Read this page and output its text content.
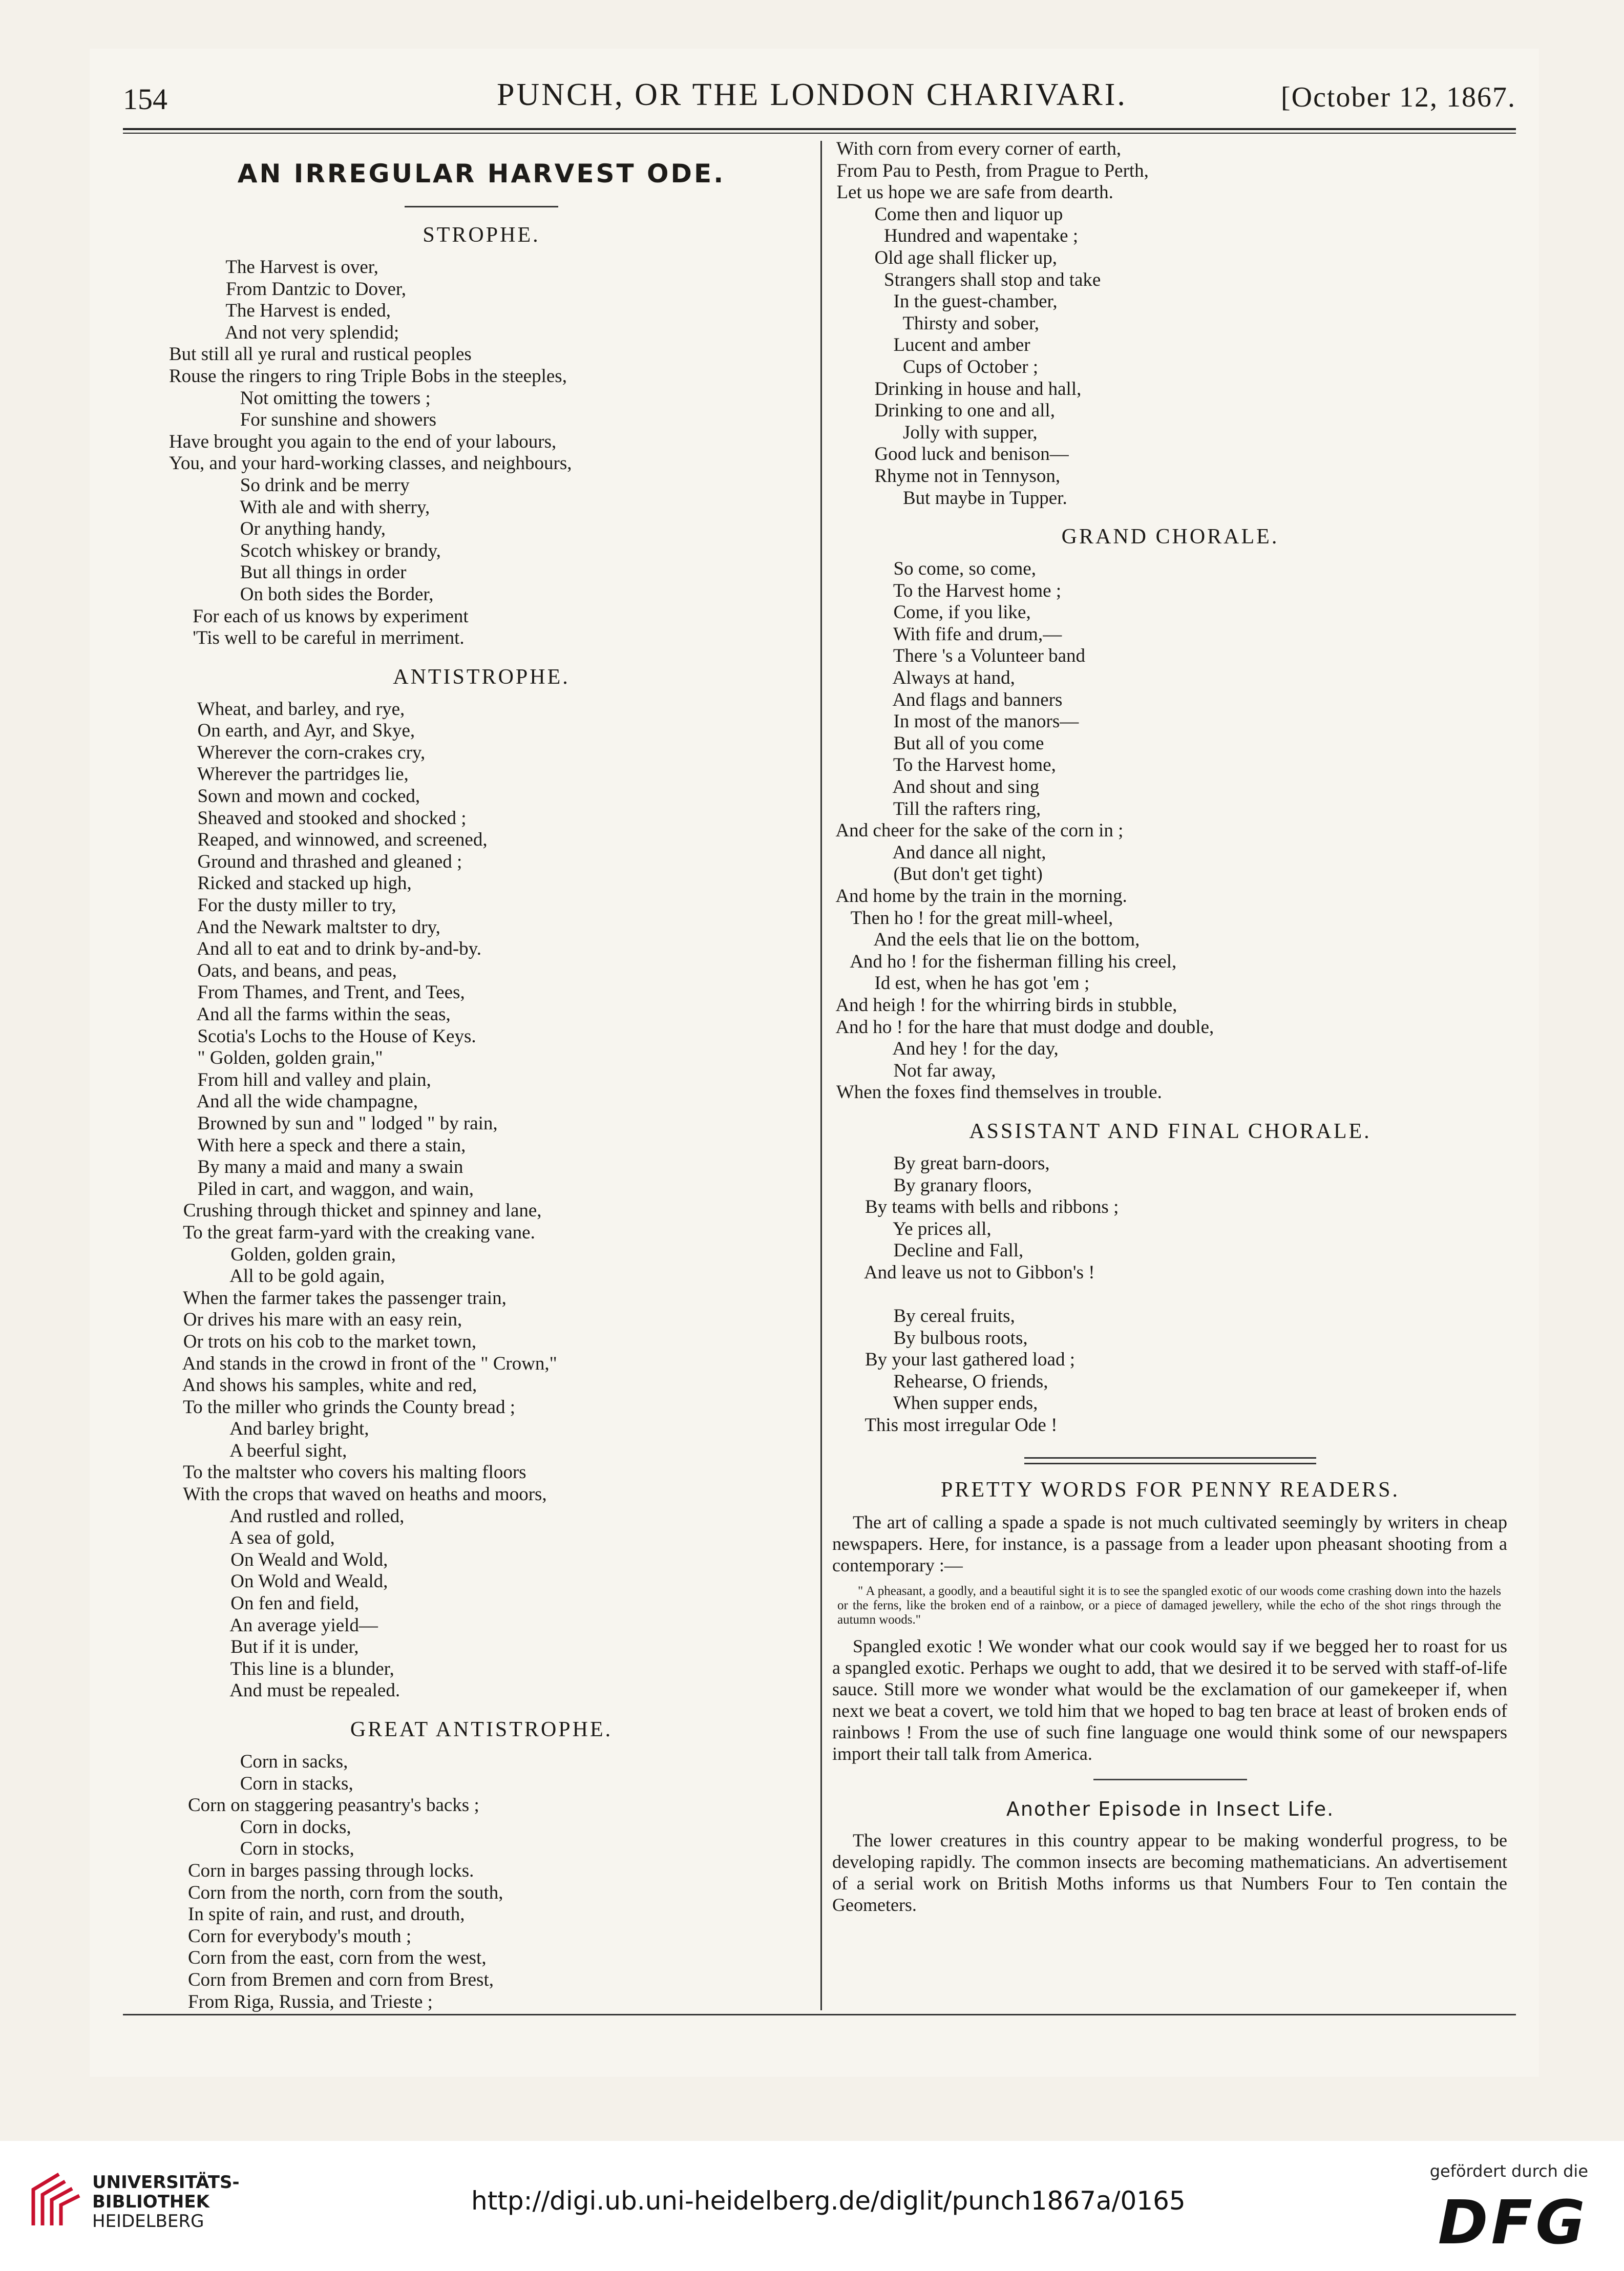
154	PUNCH, OR THE LONDON CHARIVARI.	[October 12, 1867.
AN IRREGULAR HARVEST ODE.
STROPHE.
The Harvest is over,
From Dantzic to Dover,
The Harvest is ended,
And not very splendid;
But still all ye rural and rustical peoples
Rouse the ringers to ring Triple Bobs in the steeples,
Not omitting the towers ;
For sunshine and showers
Have brought you again to the end of your labours,
You, and your hard-working classes, and neighbours,
So drink and be merry
With ale and with sherry,
Or anything handy,
Scotch whiskey or brandy,
But all things in order
On both sides the Border,
For each of us knows by experiment
'Tis well to be careful in merriment.
ANTISTROPHE.
Wheat, and barley, and rye,
On earth, and Ayr, and Skye,
Wherever the corn-crakes cry,
Wherever the partridges lie,
Sown and mown and cocked,
Sheaved and stooked and shocked ;
Reaped, and winnowed, and screened,
Ground and thrashed and gleaned ;
Ricked and stacked up high,
For the dusty miller to try,
And the Newark maltster to dry,
And all to eat and to drink by-and-by.
Oats, and beans, and peas,
From Thames, and Trent, and Tees,
And all the farms within the seas,
Scotia's Lochs to the House of Keys.
" Golden, golden grain,"
From hill and valley and plain,
And all the wide champagne,
Browned by sun and " lodged " by rain,
With here a speck and there a stain,
By many a maid and many a swain
Piled in cart, and waggon, and wain,
Crushing through thicket and spinney and lane,
To the great farm-yard with the creaking vane.
Golden, golden grain,
All to be gold again,
When the farmer takes the passenger train,
Or drives his mare with an easy rein,
Or trots on his cob to the market town,
And stands in the crowd in front of the " Crown,"
And shows his samples, white and red,
To the miller who grinds the County bread ;
And barley bright,
A beerful sight,
To the maltster who covers his malting floors
With the crops that waved on heaths and moors,
And rustled and rolled,
A sea of gold,
On Weald and Wold,
On Wold and Weald,
On fen and field,
An average yield—
But if it is under,
This line is a blunder,
And must be repealed.
GREAT ANTISTROPHE.
Corn in sacks,
Corn in stacks,
Corn on staggering peasantry's backs ;
Corn in docks,
Corn in stocks,
Corn in barges passing through locks.
Corn from the north, corn from the south,
In spite of rain, and rust, and drouth,
Corn for everybody's mouth ;
Corn from the east, corn from the west,
Corn from Bremen and corn from Brest,
From Riga, Russia, and Trieste ;
With corn from every corner of earth,
From Pau to Pesth, from Prague to Perth,
Let us hope we are safe from dearth.
Come then and liquor up
Hundred and wapentake ;
Old age shall flicker up,
Strangers shall stop and take
In the guest-chamber,
Thirsty and sober,
Lucent and amber
Cups of October ;
Drinking in house and hall,
Drinking to one and all,
Jolly with supper,
Good luck and benison—
Rhyme not in Tennyson,
But maybe in Tupper.
GRAND CHORALE.
So come, so come,
To the Harvest home ;
Come, if you like,
With fife and drum,—
There 's a Volunteer band
Always at hand,
And flags and banners
In most of the manors—
But all of you come
To the Harvest home,
And shout and sing
Till the rafters ring,
And cheer for the sake of the corn in ;
And dance all night,
(But don't get tight)
And home by the train in the morning.
Then ho ! for the great mill-wheel,
And the eels that lie on the bottom,
And ho ! for the fisherman filling his creel,
Id est, when he has got 'em ;
And heigh ! for the whirring birds in stubble,
And ho ! for the hare that must dodge and double,
And hey ! for the day,
Not far away,
When the foxes find themselves in trouble.
ASSISTANT AND FINAL CHORALE.
By great barn-doors,
By granary floors,
By teams with bells and ribbons ;
Ye prices all,
Decline and Fall,
And leave us not to Gibbon's !

By cereal fruits,
By bulbous roots,
By your last gathered load ;
Rehearse, O friends,
When supper ends,
This most irregular Ode !
PRETTY WORDS FOR PENNY READERS.
The art of calling a spade a spade is not much cultivated seemingly by writers in cheap newspapers. Here, for instance, is a passage from a leader upon pheasant shooting from a contemporary :—
" A pheasant, a goodly, and a beautiful sight it is to see the spangled exotic of our woods come crashing down into the hazels or the ferns, like the broken end of a rainbow, or a piece of damaged jewellery, while the echo of the shot rings through the autumn woods."
Spangled exotic ! We wonder what our cook would say if we begged her to roast for us a spangled exotic. Perhaps we ought to add, that we desired it to be served with staff-of-life sauce. Still more we wonder what would be the exclamation of our gamekeeper if, when next we beat a covert, we told him that we hoped to bag ten brace at least of broken ends of rainbows ! From the use of such fine language one would think some of our newspapers import their tall talk from America.
Another Episode in Insect Life.
The lower creatures in this country appear to be making wonderful progress, to be developing rapidly. The common insects are becoming mathematicians. An advertisement of a serial work on British Moths informs us that Numbers Four to Ten contain the Geometers.
UNIVERSITÄTS-
BIBLIOTHEK
HEIDELBERG
http://digi.ub.uni-heidelberg.de/diglit/punch1867a/0165
gefördert durch die
DFG
